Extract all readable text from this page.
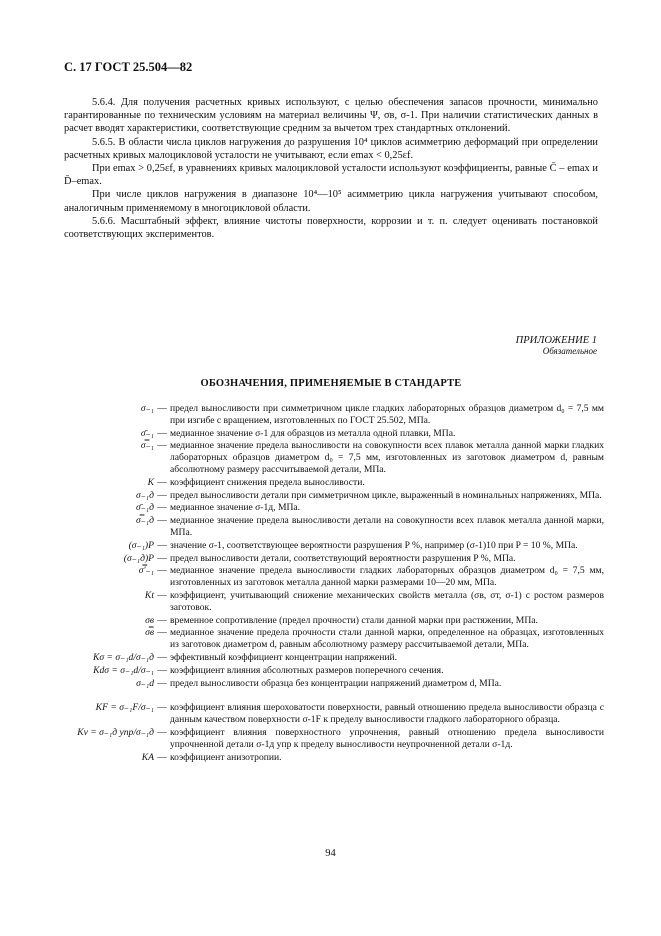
С. 17 ГОСТ 25.504—82

5.6.4. Для получения расчетных кривых используют, с целью обеспечения запасов прочности, минимально гарантированные по техническим условиям на материал величины Ψ, σв, σ-1. При наличии статистических данных в расчет вводят характеристики, соответствующие средним за вычетом трех стандартных отклонений.

5.6.5. В области числа циклов нагружения до разрушения 10⁴ циклов асимметрию деформаций при определении расчетных кривых малоцикловой усталости не учитывают, если emax < 0,25εf.

При emax > 0,25εf, в уравнениях кривых малоцикловой усталости используют коэффициенты, равные C̄ – emax и D̄–emax.

При числе циклов нагружения в диапазоне 10⁴—10⁵ асимметрию цикла нагружения учитывают способом, аналогичным применяемому в многоцикловой области.

5.6.6. Масштабный эффект, влияние чистоты поверхности, коррозии и т. п. следует оценивать постановкой соответствующих экспериментов.

ПРИЛОЖЕНИЕ 1
Обязательное
ОБОЗНАЧЕНИЯ, ПРИМЕНЯЕМЫЕ В СТАНДАРТЕ
σ₋₁ — предел выносливости при симметричном цикле гладких лабораторных образцов диаметром d₀ = 7,5 мм при изгибе с вращением, изготовленных по ГОСТ 25.502, МПа.
σ̄₋₁ — медианное значение σ-1 для образцов из металла одной плавки, МПа.
σ̿₋₁ — медианное значение предела выносливости на совокупности всех плавок металла данной марки гладких лабораторных образцов диаметром d₀ = 7,5 мм, изготовленных из заготовок диаметром d, равным абсолютному размеру рассчитываемой детали, МПа.
K — коэффициент снижения предела выносливости.
σ₋₁д — предел выносливости детали при симметричном цикле, выраженный в номинальных напряжениях, МПа.
σ̄₋₁д — медианное значение σ-1д, МПа.
σ̿₋₁д — медианное значение предела выносливости детали на совокупности всех плавок металла данной марки, МПа.
(σ₋₁)P — значение σ-1, соответствующее вероятности разрушения P %, например (σ-1)10 при P = 10 %, МПа.
(σ₋₁д)P — предел выносливости детали, соответствующий вероятности разрушения P %, МПа.
σ̿′₋₁ — медианное значение предела выносливости гладких лабораторных образцов диаметром d₀ = 7,5 мм, изготовленных из заготовок металла данной марки размерами 10—20 мм, МПа.
Kt — коэффициент, учитывающий снижение механических свойств металла (σв, σт, σ-1) с ростом размеров заготовок.
σв — временное сопротивление (предел прочности) стали данной марки при растяжении, МПа.
σ̿в — медианное значение предела прочности стали данной марки, определенное на образцах, изготовленных из заготовок диаметром d, равным абсолютному размеру рассчитываемой детали, МПа.
Kσ = σ₋₁d/σ₋₁д — эффективный коэффициент концентрации напряжений.
Kdσ = σ₋₁d/σ₋₁ — коэффициент влияния абсолютных размеров поперечного сечения.
σ₋₁d — предел выносливости образца без концентрации напряжений диаметром d, МПа.
KF = σ₋₁F/σ₋₁ — коэффициент влияния шероховатости поверхности, равный отношению предела выносливости образца с данным качеством поверхности σ-1F к пределу выносливости гладкого лабораторного образца.
Kv = σ₋₁д упр/σ₋₁д — коэффициент влияния поверхностного упрочнения, равный отношению предела выносливости упрочненной детали σ-1д упр к пределу выносливости неупрочненной детали σ-1д.
KA — коэффициент анизотропии.
94
